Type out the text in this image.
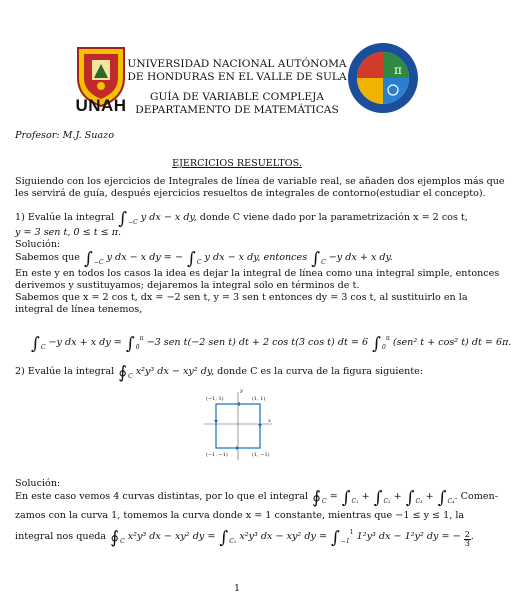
UNAH
π
UNIVERSIDAD NACIONAL AUTÓNOMA
DE HONDURAS EN EL VALLE DE SULA
GUÍA DE VARIABLE COMPLEJA
DEPARTAMENTO DE MATEMÁTICAS
Profesor: M.J. Suazo
EJERCICIOS RESUELTOS.
Siguiendo con los ejercicios de Integrales de línea de variable real, se añaden dos ejemplos más que
les servirá de guía, después ejercicios resueltos de integrales de contorno(estudiar el concepto).
1) Evalúe la integral $\int_{-C}$ y dx − x dy, donde C viene dado por la parametrización x = 2 cos t,
y = 3 sen t, 0 ≤ t ≤ π.
Solución:
Sabemos que $\int_{-C}$ y dx − x dy = − $\int_C$ y dx − x dy, entonces $\int_C -y$ dx + x dy.
En este y en todos los casos la idea es dejar la integral de línea como una integral simple, entonces
derivemos y sustituyamos; dejaremos la integral solo en términos de t.
Sabemos que x = 2 cos t, dx = −2 sen t, y = 3 sen t entonces dy = 3 cos t, al sustituirlo en la
integral de línea tenemos,
$\int_C -y$ dx + x dy = $\int_0^\pi -3$ sen t(−2 sen t) dt + 2 cos t(3 cos t) dt = 6 $\int_0^\pi$ (sen² t + cos² t) dt = 6π.
2) Evalúe la integral $∮_C$ x²y³ dx − xy² dy, donde C es la curva de la figura siguiente:
(−1, 1)	(1, 1)
(−1, −1)	(1, −1)
x
y
Solución:
En este caso vemos 4 curvas distintas, por lo que el integral $∮_C = \int_{C_1} + \int_{C_2} + \int_{C_3} + \int_{C_4}$. Comen-
zamos con la curva 1, tomemos la curva donde x = 1 constante, mientras que −1 ≤ y ≤ 1, la
integral nos queda $∮_C$ x²y³ dx − xy² dy = $\int_{C_1}$ x²y³ dx − xy² dy = $\int_{-1}^1$ 1²y³ dx − 1²y² dy = − $\frac{2}{3}$ .
1
